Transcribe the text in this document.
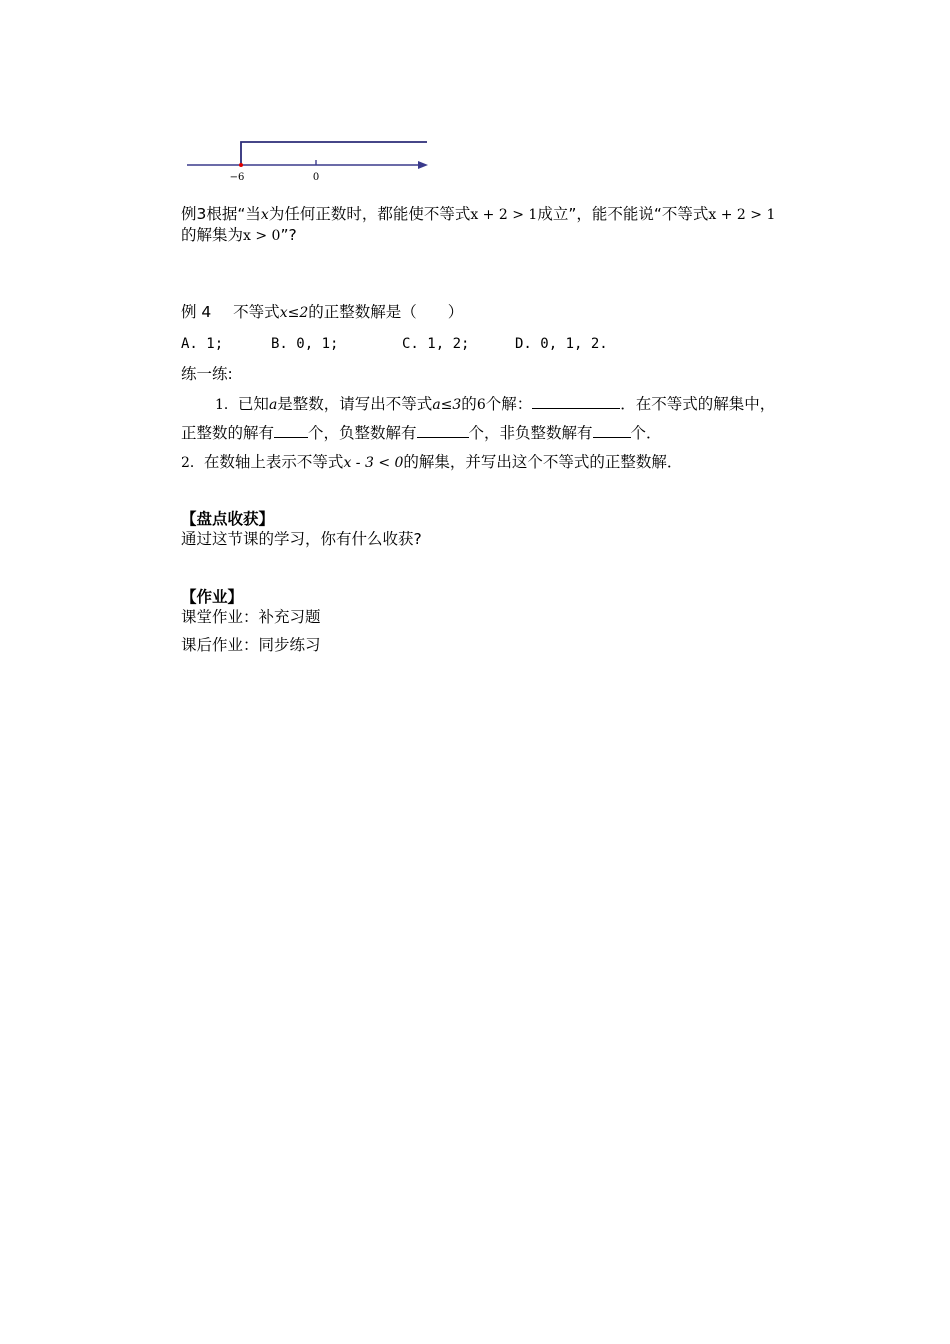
−6	0
例3根据“当x为任何正数时，都能使不等式x + 2 > 1成立”，能不能说“不等式x + 2 > 1
的解集为x > 0”?
例 4 不等式x≤2的正整数解是（　　）
A. 1;	B. 0, 1;	C. 1, 2;	D. 0, 1, 2.
练一练:
1．已知a是整数，请写出不等式a≤3的6个解：	．在不等式的解集中，
正整数的解有 个，负整数解有	个，非负整数解有 个．
2．在数轴上表示不等式x - 3 < 0的解集，并写出这个不等式的正整数解．
【盘点收获】
通过这节课的学习，你有什么收获?
【作业】
课堂作业：补充习题
课后作业：同步练习
